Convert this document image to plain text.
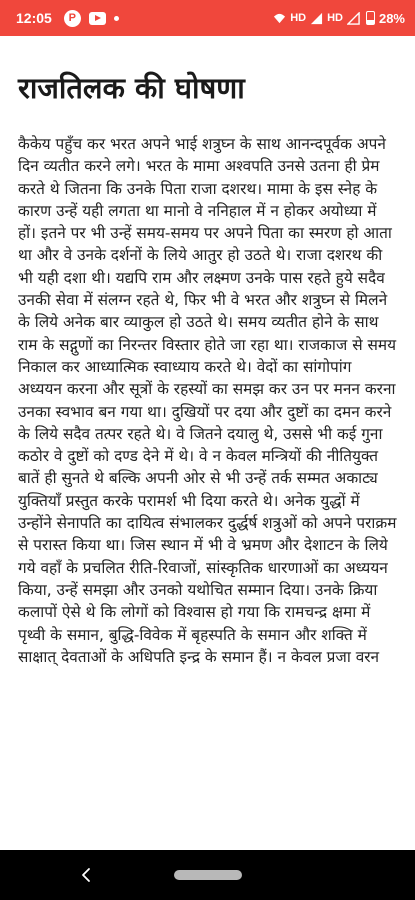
12:05 P	HD HD	28%
राजतिलक की घोषणा

कैकेय पहुँच कर भरत अपने भाई शत्रुघ्न के साथ आनन्दपूर्वक अपने दिन व्यतीत करने लगे। भरत के मामा अश्वपति उनसे उतना ही प्रेम करते थे जितना कि उनके पिता राजा दशरथ। मामा के इस स्नेह के कारण उन्हें यही लगता था मानो वे ननिहाल में न होकर अयोध्या में हों। इतने पर भी उन्हें समय-समय पर अपने पिता का स्मरण हो आता था और वे उनके दर्शनों के लिये आतुर हो उठते थे। राजा दशरथ की भी यही दशा थी। यद्यपि राम और लक्ष्मण उनके पास रहते हुये सदैव उनकी सेवा में संलग्न रहते थे, फिर भी वे भरत और शत्रुघ्न से मिलने के लिये अनेक बार व्याकुल हो उठते थे। समय व्यतीत होने के साथ राम के सद्गुणों का निरन्तर विस्तार होते जा रहा था। राजकाज से समय निकाल कर आध्यात्मिक स्वाध्याय करते थे। वेदों का सांगोपांग अध्ययन करना और सूत्रों के रहस्यों का समझ कर उन पर मनन करना उनका स्वभाव बन गया था। दुखियों पर दया और दुष्टों का दमन करने के लिये सदैव तत्पर रहते थे। वे जितने दयालु थे, उससे भी कई गुना कठोर वे दुष्टों को दण्ड देने में थे। वे न केवल मन्त्रियों की नीतियुक्त बातें ही सुनते थे बल्कि अपनी ओर से भी उन्हें तर्क सम्मत अकाट्य युक्तियाँ प्रस्तुत करके परामर्श भी दिया करते थे। अनेक युद्धों में उन्होंने सेनापति का दायित्व संभालकर दुर्द्धर्ष शत्रुओं को अपने पराक्रम से परास्त किया था। जिस स्थान में भी वे भ्रमण और देशाटन के लिये गये वहाँ के प्रचलित रीति-रिवाजों, सांस्कृतिक धारणाओं का अध्ययन किया, उन्हें समझा और उनको यथोचित सम्मान दिया। उनके क्रिया कलापों ऐसे थे कि लोगों को विश्वास हो गया कि रामचन्द्र क्षमा में पृथ्वी के समान, बुद्धि-विवेक में बृहस्पति के समान और शक्ति में साक्षात् देवताओं के अधिपति इन्द्र के समान हैं। न केवल प्रजा वरन
